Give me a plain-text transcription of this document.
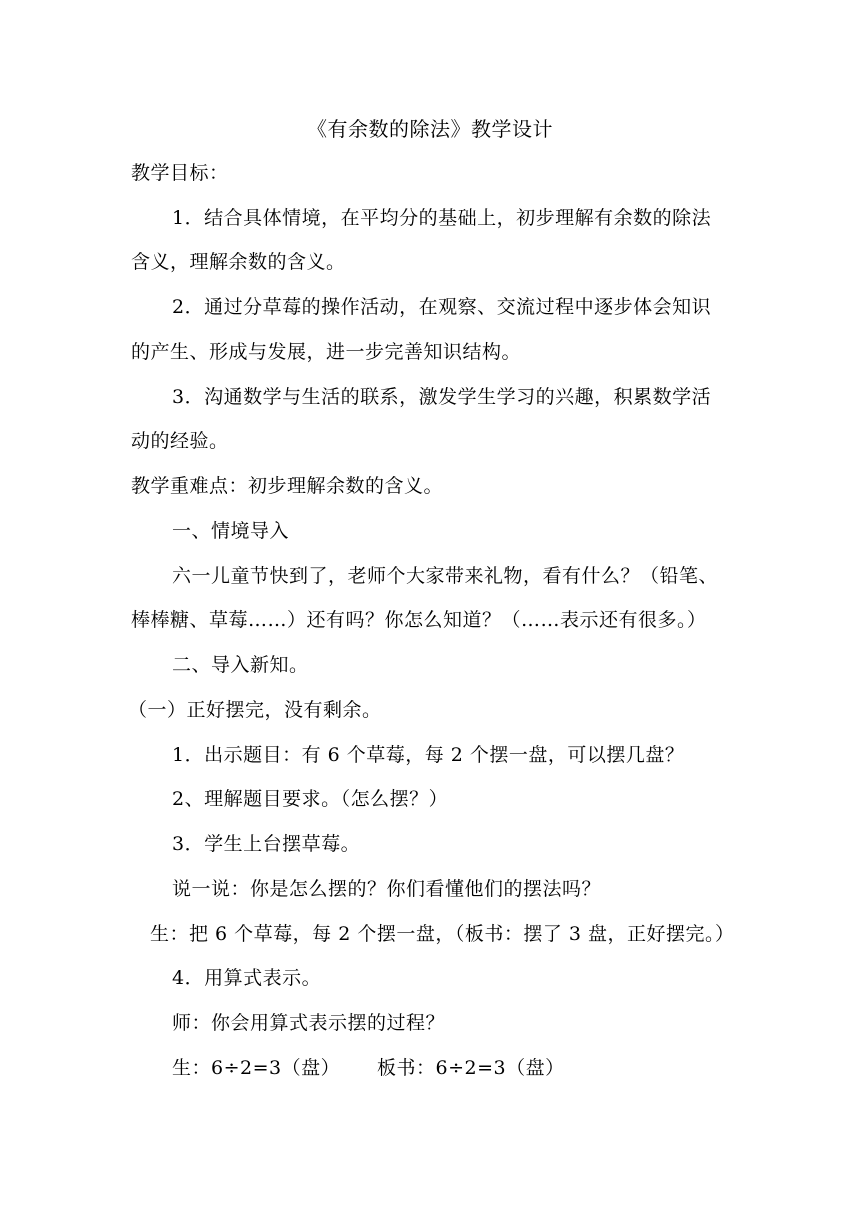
《有余数的除法》教学设计
教学目标：
1．结合具体情境，在平均分的基础上，初步理解有余数的除法
含义，理解余数的含义。
2．通过分草莓的操作活动，在观察、交流过程中逐步体会知识
的产生、形成与发展，进一步完善知识结构。
3．沟通数学与生活的联系，激发学生学习的兴趣，积累数学活
动的经验。
教学重难点：初步理解余数的含义。
一、情境导入
六一儿童节快到了，老师个大家带来礼物，看有什么？（铅笔、
棒棒糖、草莓……）还有吗？你怎么知道？（……表示还有很多。）
二、导入新知。
（一）正好摆完，没有剩余。
1．出示题目：有 6 个草莓，每 2 个摆一盘，可以摆几盘？
2、理解题目要求。（怎么摆？）
3．学生上台摆草莓。
说一说：你是怎么摆的？你们看懂他们的摆法吗？
生：把 6 个草莓，每 2 个摆一盘，（板书：摆了 3 盘，正好摆完。）
4．用算式表示。
师：你会用算式表示摆的过程？
生：6÷2=3（盘） 板书：6÷2=3（盘）
